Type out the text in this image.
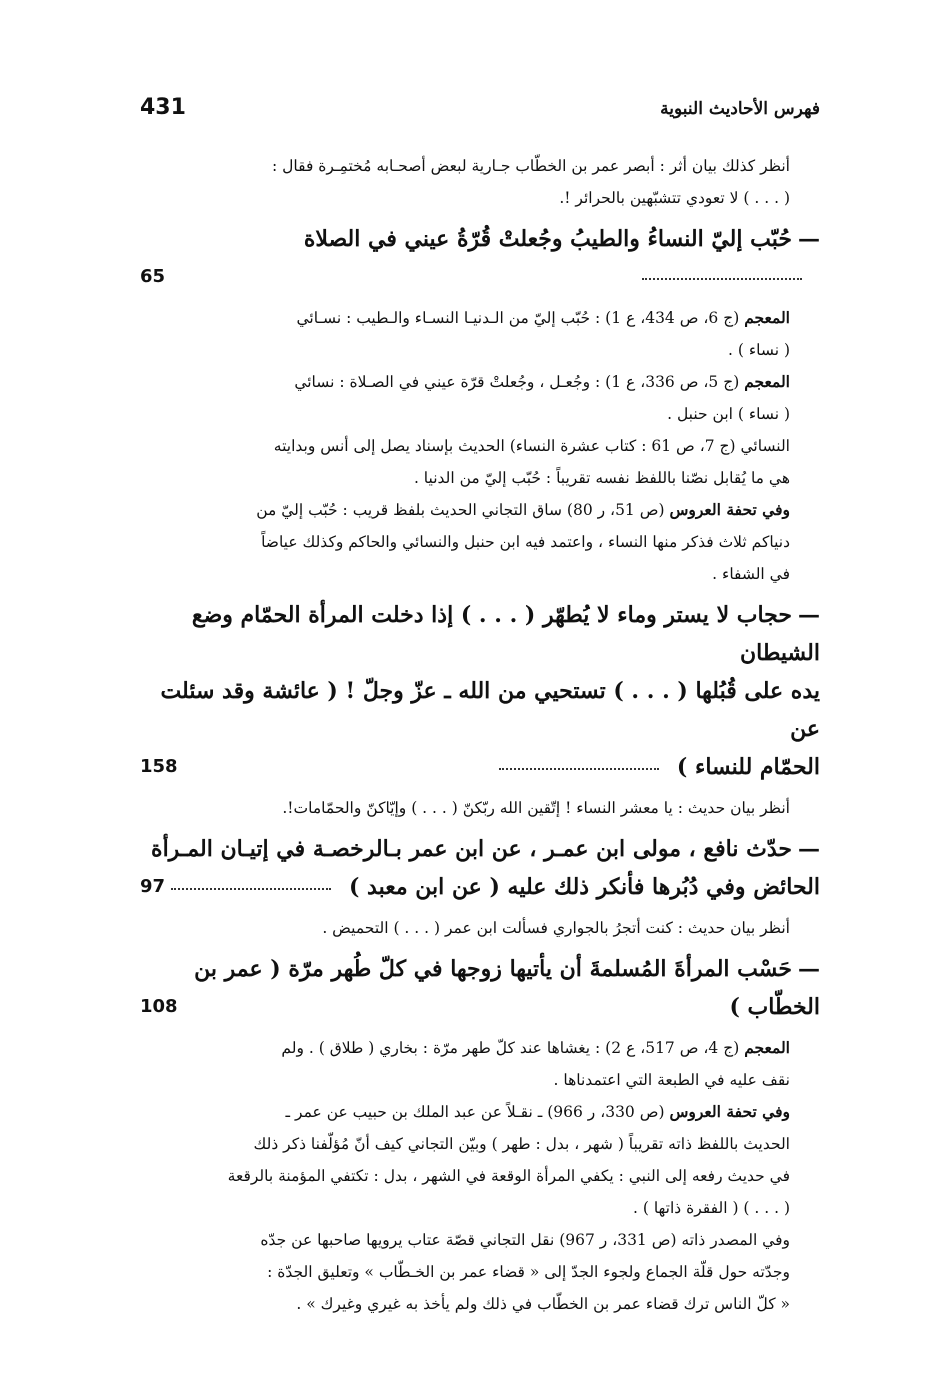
431	فهرس الأحاديث النبوية
أنظر كذلك بيان أثر : أبصر عمر بن الخطّاب جـارية لبعض أصحـابه مُختمِـرة فقال :
( . . . ) لا تعودي تتشبّهين بالحرائر !.
—حُبّب إليّ النساءُ والطيبُ وجُعلتْ قُرّةُ عيني في الصلاة
65
المعجم (ج 6، ص 434، ع 1) : حُبّب إليّ من الـدنيـا النسـاء والـطيب : نسـائي
( نساء ) .
المعجم (ج 5، ص 336، ع 1) : وجُعـل ، وجُعلتْ قرّة عيني في الصـلاة : نسائي
( نساء ) ابن حنبل .
النسائي (ج 7، ص 61 : كتاب عشرة النساء) الحديث بإسناد يصل إلى أنس وبدايته
هي ما يُقابل نصّنا باللفظ نفسه تقريباً : حُبّب إليّ من الدنيا .
وفي تحفة العروس (ص 51، ر 80) ساق التجاني الحديث بلفظ قريب : حُبّب إليّ من
دنياكم ثلاث فذكر منها النساء ، واعتمد فيه ابن حنبل والنسائي والحاكم وكذلك عياضاً
في الشفاء .
—حجاب لا يستر وماء لا يُطهّر ( . . . ) إذا دخلت المرأة الحمّام وضع الشيطان
يده على قُبُلها ( . . . ) تستحيي من الله ـ عزّ وجلّ ! ( عائشة وقد سئلت عن
الحمّام للنساء )
158
أنظر بيان حديث : يا معشر النساء ! إتّقين الله ربّكنّ ( . . . ) وإيّاكنّ والحمّامات!.
—حدّث نافع ، مولى ابن عمـر ، عن ابن عمر بـالرخصـة في إتيـان المـرأة
الحائض وفي دُبُرها فأنكر ذلك عليه ( عن ابن معبد )
97
أنظر بيان حديث : كنت أتجرُ بالجواري فسألت ابن عمر ( . . . ) التحميض .
—حَسْب المرأةَ المُسلمةَ أن يأتيها زوجها في كلّ طُهر مرّة ( عمر بن الخطّاب )
108
المعجم (ج 4، ص 517، ع 2) : يغشاها عند كلّ طهر مرّة : بخاري ( طلاق ) . ولم
نقف عليه في الطبعة التي اعتمدناها .
وفي تحفة العروس (ص 330، ر 966) ـ نقـلاً عن عبد الملك بن حبيب عن عمر ـ
الحديث باللفظ ذاته تقريباً ( شهر ، بدل : طهر ) وبيّن التجاني كيف أنّ مُؤلّفنا ذكر ذلك
في حديث رفعه إلى النبي : يكفي المرأة الوقعة في الشهر ، بدل : تكتفي المؤمنة بالرقعة
( . . . ) ( الفقرة ذاتها ) .
وفي المصدر ذاته (ص 331، ر 967) نقل التجاني قصّة عتاب يرويها صاحبها عن جدّه
وجدّته حول قلّة الجماع ولجوء الجدّ إلى « قضاء عمر بن الخـطّاب » وتعليق الجدّة :
« كلّ الناس ترك قضاء عمر بن الخطّاب في ذلك ولم يأخذ به غيري وغيرك » .
